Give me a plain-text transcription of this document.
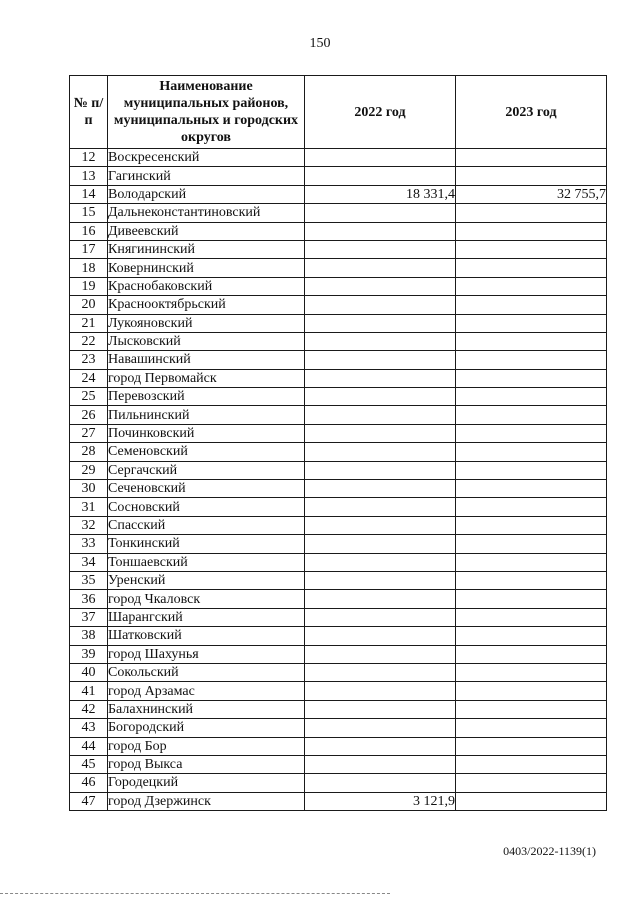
150
№ п/п	Наименование муниципальных районов, муниципальных и городских округов	2022 год	2023 год
12	Воскресенский		
13	Гагинский		
14	Володарский	18 331,4	32 755,7
15	Дальнеконстантиновский		
16	Дивеевский		
17	Княгининский		
18	Ковернинский		
19	Краснобаковский		
20	Краснооктябрьский		
21	Лукояновский		
22	Лысковский		
23	Навашинский		
24	город Первомайск		
25	Перевозский		
26	Пильнинский		
27	Починковский		
28	Семеновский		
29	Сергачский		
30	Сеченовский		
31	Сосновский		
32	Спасский		
33	Тонкинский		
34	Тоншаевский		
35	Уренский		
36	город Чкаловск		
37	Шарангский		
38	Шатковский		
39	город Шахунья		
40	Сокольский		
41	город Арзамас		
42	Балахнинский		
43	Богородский		
44	город Бор		
45	город Выкса		
46	Городецкий		
47	город Дзержинск	3 121,9	
0403/2022-1139(1)
